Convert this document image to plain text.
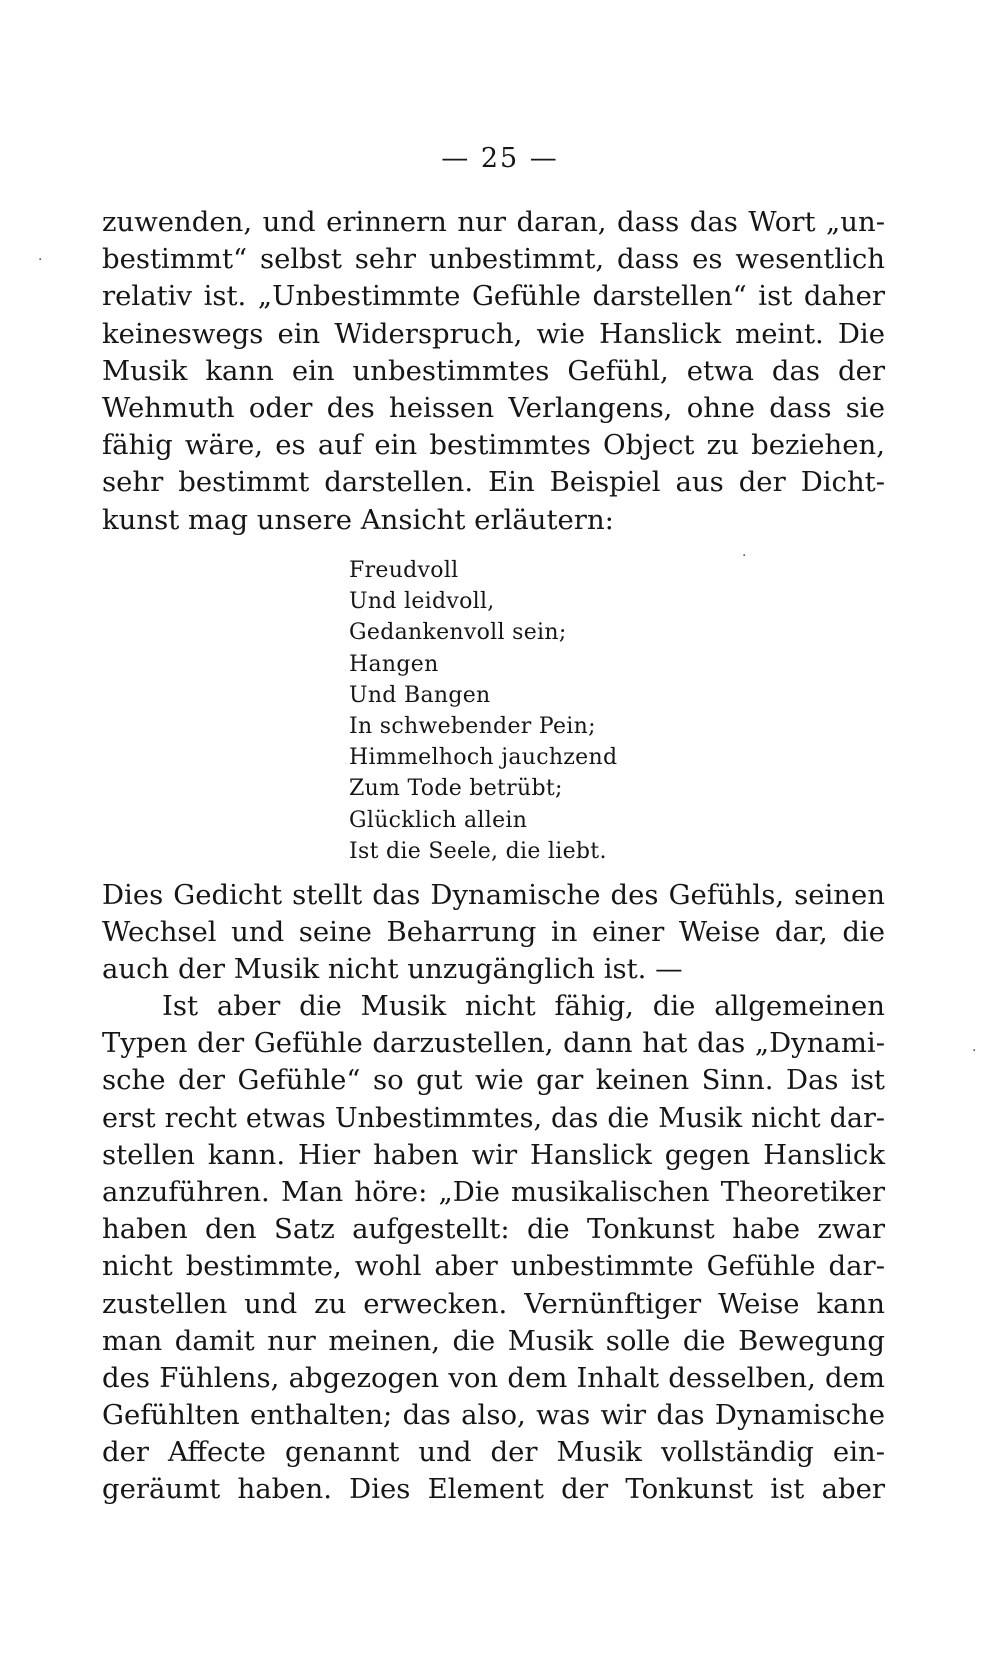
— 25 —
zuwenden, und erinnern nur daran, dass das Wort „un-
bestimmt“ selbst sehr unbestimmt, dass es wesentlich
relativ ist. „Unbestimmte Gefühle darstellen“ ist daher
keineswegs ein Widerspruch, wie Hanslick meint. Die
Musik kann ein unbestimmtes Gefühl, etwa das der
Wehmuth oder des heissen Verlangens, ohne dass sie
fähig wäre, es auf ein bestimmtes Object zu beziehen,
sehr bestimmt darstellen. Ein Beispiel aus der Dicht-
kunst mag unsere Ansicht erläutern:
Freudvoll
Und leidvoll,
Gedankenvoll sein;
Hangen
Und Bangen
In schwebender Pein;
Himmelhoch jauchzend
Zum Tode betrübt;
Glücklich allein
Ist die Seele, die liebt.
Dies Gedicht stellt das Dynamische des Gefühls, seinen
Wechsel und seine Beharrung in einer Weise dar, die
auch der Musik nicht unzugänglich ist. —
Ist aber die Musik nicht fähig, die allgemeinen
Typen der Gefühle darzustellen, dann hat das „Dynami-
sche der Gefühle“ so gut wie gar keinen Sinn. Das ist
erst recht etwas Unbestimmtes, das die Musik nicht dar-
stellen kann. Hier haben wir Hanslick gegen Hanslick
anzuführen. Man höre: „Die musikalischen Theoretiker
haben den Satz aufgestellt: die Tonkunst habe zwar
nicht bestimmte, wohl aber unbestimmte Gefühle dar-
zustellen und zu erwecken. Vernünftiger Weise kann
man damit nur meinen, die Musik solle die Bewegung
des Fühlens, abgezogen von dem Inhalt desselben, dem
Gefühlten enthalten; das also, was wir das Dynamische
der Affecte genannt und der Musik vollständig ein-
geräumt haben. Dies Element der Tonkunst ist aber
·
·
·
